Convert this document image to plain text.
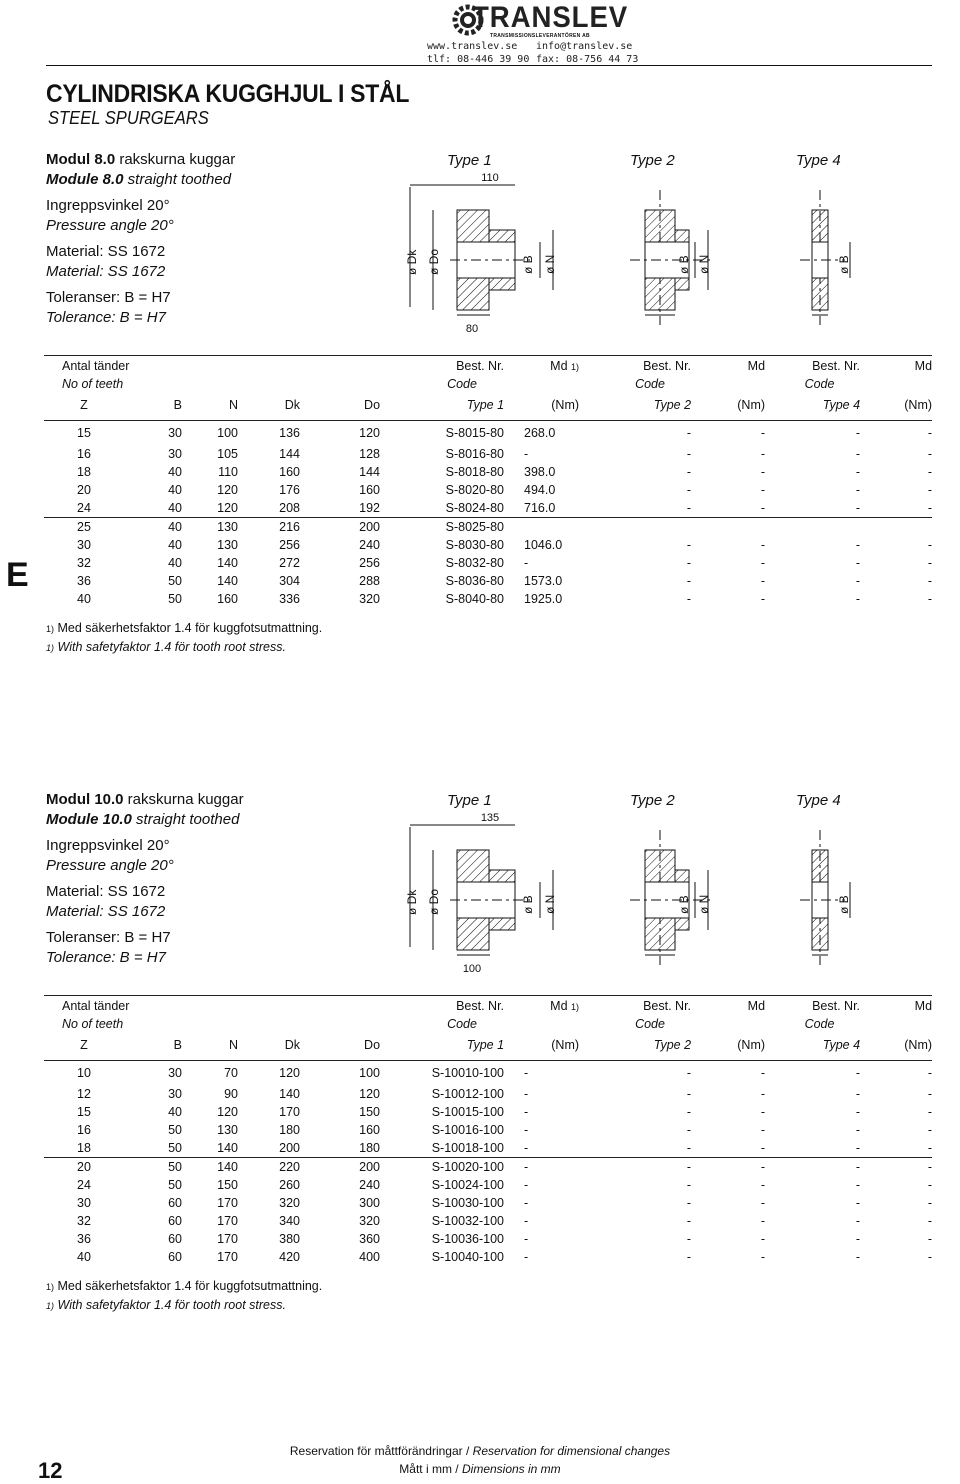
TRANSLEV
TRANSMISSIONSLEVERANTÖREN AB
www.translev.se
tlf: 08-446 39 90
info@translev.se
fax: 08-756 44 73
CYLINDRISKA KUGGHJUL I STÅL
STEEL SPURGEARS
E
Modul 8.0 rakskurna kuggar
Module 8.0 straight toothed
Ingreppsvinkel 20°
Pressure angle 20°
Material: SS 1672
Material: SS 1672
Toleranser: B = H7
Tolerance: B = H7
Type 1	Type 2	Type 4
110
80
ø Dk ø Do	ø B ø N	ø B ø N	ø B
Antal tänder					Best. Nr.	Md 1)	Best. Nr.	Md	Best. Nr.	Md
No of teeth					Code		Code		Code	
Z	B	N	Dk	Do	Type 1	(Nm)	Type 2	(Nm)	Type 4	(Nm)
15	30	100	136	120	S-8015-80	268.0	-	-	-	-
16	30	105	144	128	S-8016-80	-	-	-	-	-
18	40	110	160	144	S-8018-80	398.0	-	-	-	-
20	40	120	176	160	S-8020-80	494.0	-	-	-	-
24	40	120	208	192	S-8024-80	716.0	-	-	-	-
25	40	130	216	200	S-8025-80					
30	40	130	256	240	S-8030-80	1046.0	-	-	-	-
32	40	140	272	256	S-8032-80	-	-	-	-	-
36	50	140	304	288	S-8036-80	1573.0	-	-	-	-
40	50	160	336	320	S-8040-80	1925.0	-	-	-	-
1) Med säkerhetsfaktor 1.4 för kuggfotsutmattning.
1) With safetyfaktor 1.4 för tooth root stress.
Modul 10.0 rakskurna kuggar
Module 10.0 straight toothed
Ingreppsvinkel 20°
Pressure angle 20°
Material: SS 1672
Material: SS 1672
Toleranser: B = H7
Tolerance: B = H7
Type 1	Type 2	Type 4
135
100
ø Dk ø Do	ø B ø N	ø B ø N	ø B
Antal tänder					Best. Nr.	Md 1)	Best. Nr.	Md	Best. Nr.	Md
No of teeth					Code		Code		Code	
Z	B	N	Dk	Do	Type 1	(Nm)	Type 2	(Nm)	Type 4	(Nm)
10	30	70	120	100	S-10010-100	-	-	-	-	-
12	30	90	140	120	S-10012-100	-	-	-	-	-
15	40	120	170	150	S-10015-100	-	-	-	-	-
16	50	130	180	160	S-10016-100	-	-	-	-	-
18	50	140	200	180	S-10018-100	-	-	-	-	-
20	50	140	220	200	S-10020-100	-	-	-	-	-
24	50	150	260	240	S-10024-100	-	-	-	-	-
30	60	170	320	300	S-10030-100	-	-	-	-	-
32	60	170	340	320	S-10032-100	-	-	-	-	-
36	60	170	380	360	S-10036-100	-	-	-	-	-
40	60	170	420	400	S-10040-100	-	-	-	-	-
1) Med säkerhetsfaktor 1.4 för kuggfotsutmattning.
1) With safetyfaktor 1.4 för tooth root stress.
12
Reservation för måttförändringar / Reservation for dimensional changes
Mått i mm / Dimensions in mm
